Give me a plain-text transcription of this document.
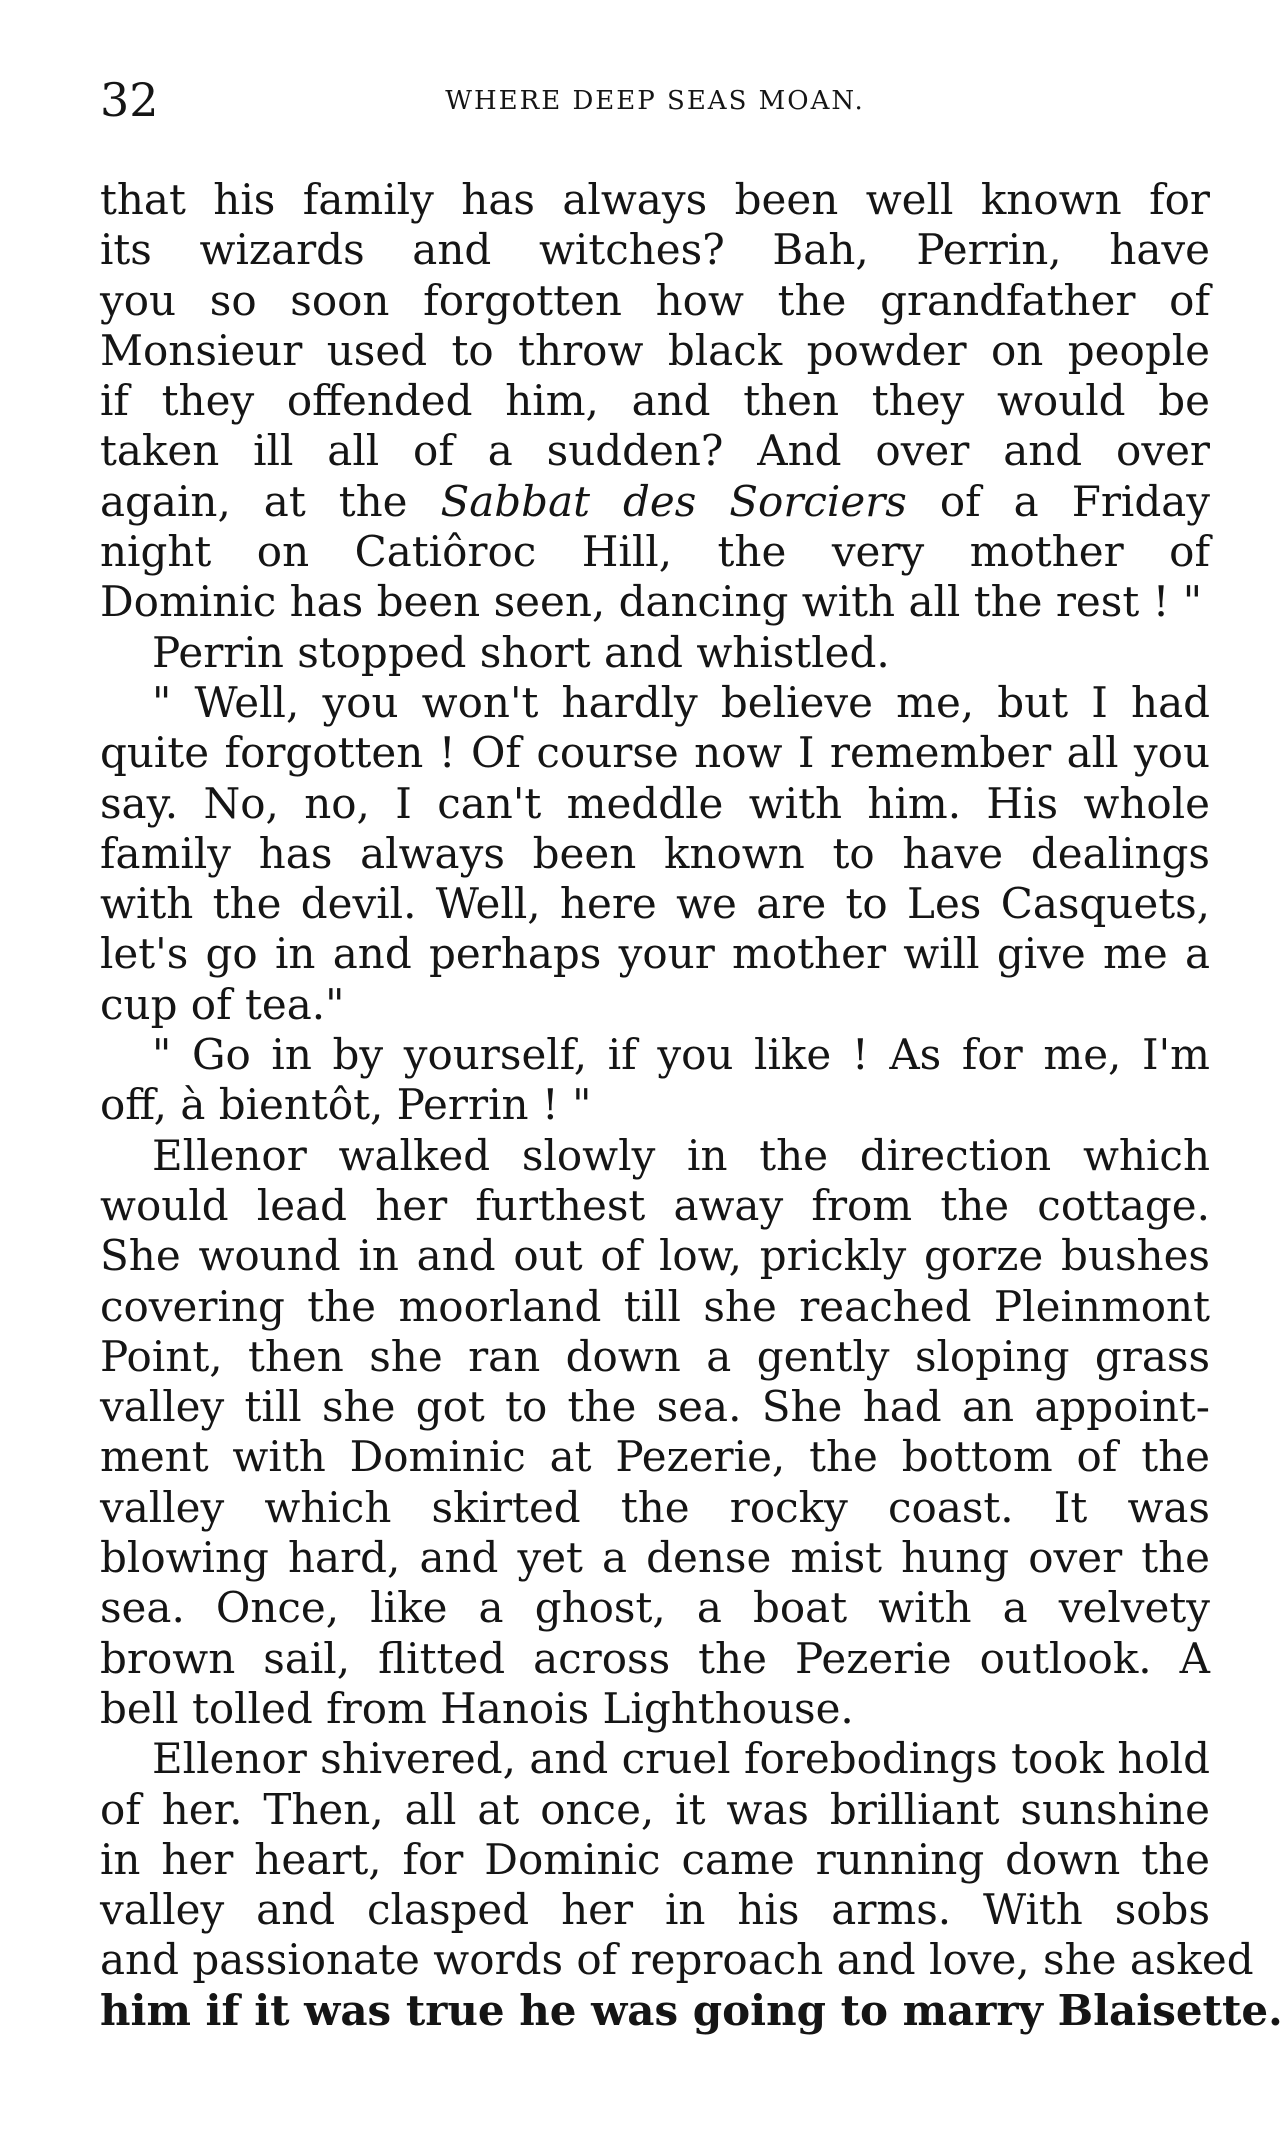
32	WHERE DEEP SEAS MOAN.
that his family has always been well known for
its wizards and witches? Bah, Perrin, have
you so soon forgotten how the grandfather of
Monsieur used to throw black powder on people
if they offended him, and then they would be
taken ill all of a sudden? And over and over
again, at the Sabbat des Sorciers of a Friday
night on Catiôroc Hill, the very mother of
Dominic has been seen, dancing with all the rest ! "
Perrin stopped short and whistled.
" Well, you won't hardly believe me, but I had
quite forgotten ! Of course now I remember all you
say. No, no, I can't meddle with him. His whole
family has always been known to have dealings
with the devil. Well, here we are to Les Casquets,
let's go in and perhaps your mother will give me a
cup of tea."
" Go in by yourself, if you like ! As for me, I'm
off, à bientôt, Perrin ! "
Ellenor walked slowly in the direction which
would lead her furthest away from the cottage.
She wound in and out of low, prickly gorze bushes
covering the moorland till she reached Pleinmont
Point, then she ran down a gently sloping grass
valley till she got to the sea. She had an appoint-
ment with Dominic at Pezerie, the bottom of the
valley which skirted the rocky coast. It was
blowing hard, and yet a dense mist hung over the
sea. Once, like a ghost, a boat with a velvety
brown sail, flitted across the Pezerie outlook. A
bell tolled from Hanois Lighthouse.
Ellenor shivered, and cruel forebodings took hold
of her. Then, all at once, it was brilliant sunshine
in her heart, for Dominic came running down the
valley and clasped her in his arms. With sobs
and passionate words of reproach and love, she asked
him if it was true he was going to marry Blaisette.
